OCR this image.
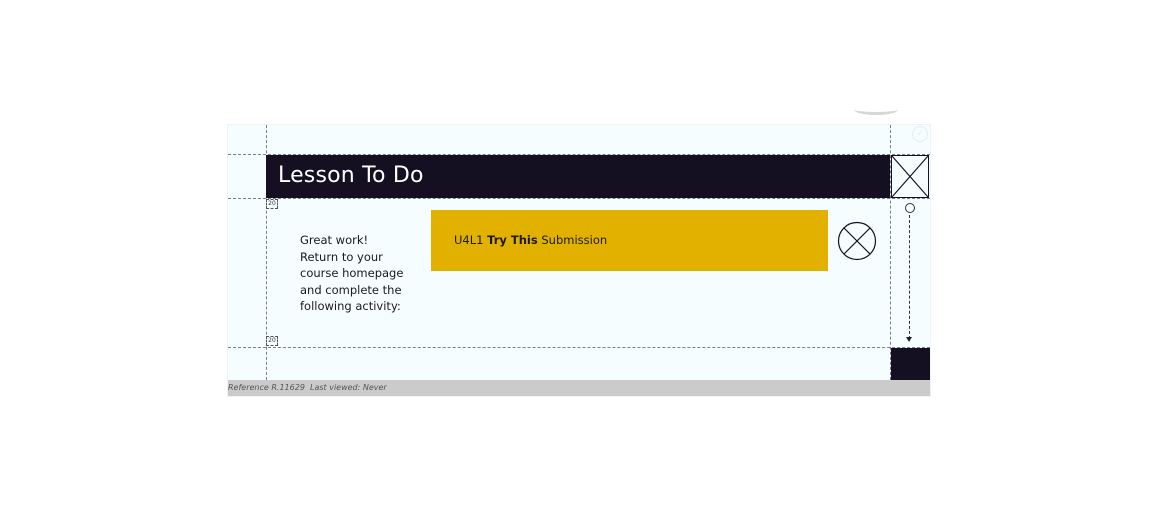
✓
Lesson To Do
20
20
Great work!
Return to your
course homepage
and complete the
following activity:
U4L1 Try This Submission
Reference R.11629 Last viewed: Never
